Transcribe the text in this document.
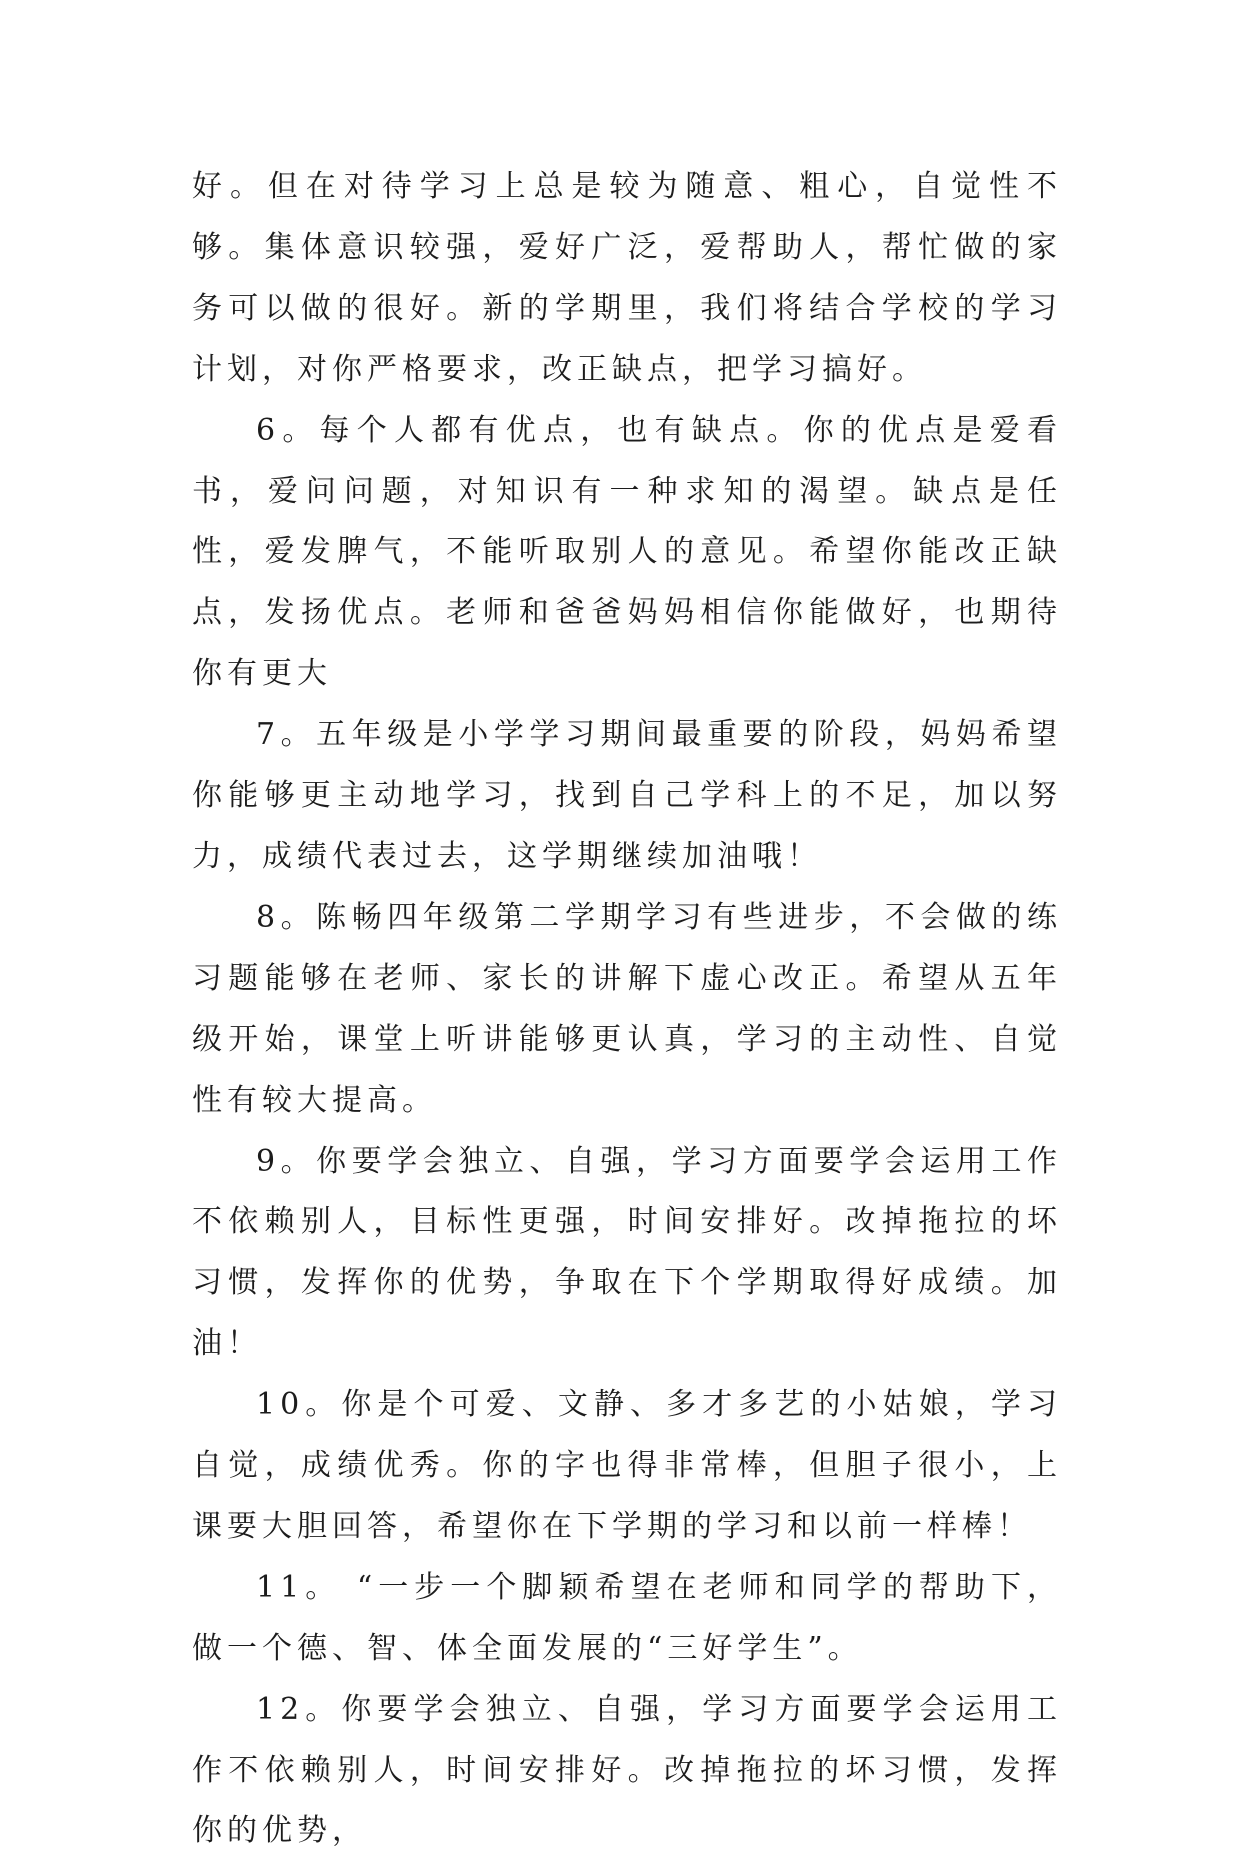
好。但在对待学习上总是较为随意、粗心，自觉性不够。集体意识较强，爱好广泛，爱帮助人，帮忙做的家务可以做的很好。新的学期里，我们将结合学校的学习计划，对你严格要求，改正缺点，把学习搞好。

6。每个人都有优点，也有缺点。你的优点是爱看书，爱问问题，对知识有一种求知的渴望。缺点是任性，爱发脾气，不能听取别人的意见。希望你能改正缺点，发扬优点。老师和爸爸妈妈相信你能做好，也期待你有更大

7。五年级是小学学习期间最重要的阶段，妈妈希望你能够更主动地学习，找到自己学科上的不足，加以努力，成绩代表过去，这学期继续加油哦！

8。陈畅四年级第二学期学习有些进步，不会做的练习题能够在老师、家长的讲解下虚心改正。希望从五年级开始，课堂上听讲能够更认真，学习的主动性、自觉性有较大提高。

9。你要学会独立、自强，学习方面要学会运用工作不依赖别人，目标性更强，时间安排好。改掉拖拉的坏习惯，发挥你的优势，争取在下个学期取得好成绩。加油！

10。你是个可爱、文静、多才多艺的小姑娘，学习自觉，成绩优秀。你的字也得非常棒，但胆子很小，上课要大胆回答，希望你在下学期的学习和以前一样棒！

11。 “一步一个脚颖希望在老师和同学的帮助下，做一个德、智、体全面发展的“三好学生”。

12。你要学会独立、自强，学习方面要学会运用工作不依赖别人，时间安排好。改掉拖拉的坏习惯，发挥你的优势，
